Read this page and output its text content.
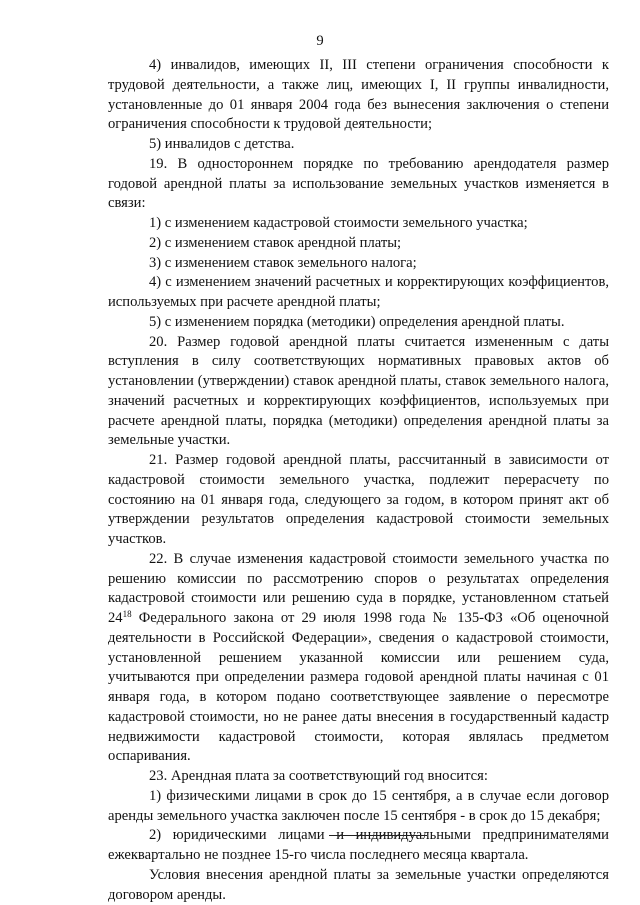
9

4) инвалидов, имеющих II, III степени ограничения способности к трудовой деятельности, а также лиц, имеющих I, II группы инвалидности, установленные до 01 января 2004 года без вынесения заключения о степени ограничения способности к трудовой деятельности;

5) инвалидов с детства.

19. В одностороннем порядке по требованию арендодателя размер годовой арендной платы за использование земельных участков изменяется в связи:

1) с изменением кадастровой стоимости земельного участка;

2) с изменением ставок арендной платы;

3) с изменением ставок земельного налога;

4) с изменением значений расчетных и корректирующих коэффициентов, используемых при расчете арендной платы;

5) с изменением порядка (методики) определения арендной платы.

20. Размер годовой арендной платы считается измененным с даты вступления в силу соответствующих нормативных правовых актов об установлении (утверждении) ставок арендной платы, ставок земельного налога, значений расчетных и корректирующих коэффициентов, используемых при расчете арендной платы, порядка (методики) определения арендной платы за земельные участки.

21. Размер годовой арендной платы, рассчитанный в зависимости от кадастровой стоимости земельного участка, подлежит перерасчету по состоянию на 01 января года, следующего за годом, в котором принят акт об утверждении результатов определения кадастровой стоимости земельных участков.

22. В случае изменения кадастровой стоимости земельного участка по решению комиссии по рассмотрению споров о результатах определения кадастровой стоимости или решению суда в порядке, установленном статьей $24^{18}$ Федерального закона от 29 июля 1998 года № 135-ФЗ «Об оценочной деятельности в Российской Федерации», сведения о кадастровой стоимости, установленной решением указанной комиссии или решением суда, учитываются при определении размера годовой арендной платы начиная с 01 января года, в котором подано соответствующее заявление о пересмотре кадастровой стоимости, но не ранее даты внесения в государственный кадастр недвижимости кадастровой стоимости, которая являлась предметом оспаривания.

23. Арендная плата за соответствующий год вносится:

1) физическими лицами в срок до 15 сентября, а в случае если договор аренды земельного участка заключен после 15 сентября - в срок до 15 декабря;

2) юридическими лицами и индивидуальными предпринимателями ежеквартально не позднее 15-го числа последнего месяца квартала.

Условия внесения арендной платы за земельные участки определяются договором аренды.
